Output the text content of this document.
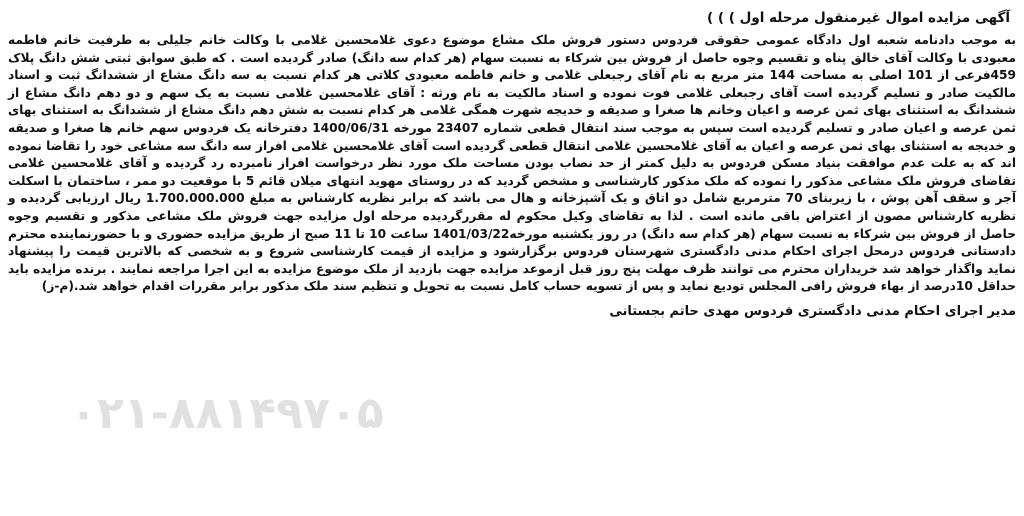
آگهی مزایده اموال غیرمنقول مرحله اول ) ) )

به موجب دادنامه شعبه اول دادگاه عمومی حقوقی فردوس دستور فروش ملک مشاع موضوع دعوی غلامحسین غلامی با وکالت خانم جلیلی به طرفیت خانم فاطمه معبودی با وکالت آقای خالق پناه و تقسیم وجوه حاصل از فروش بین شرکاء به نسبت سهام (هر کدام سه دانگ) صادر گردیده است . که طبق سوابق ثبتی شش دانگ پلاک 459فرعی از 101 اصلی به مساحت 144 متر مربع به نام آقای رجبعلی غلامی و خانم فاطمه معبودی کلاتی هر کدام نسبت به سه دانگ مشاع از ششدانگ ثبت و اسناد مالکیت صادر و تسلیم گردیده است آقای رجبعلی غلامی فوت نموده و اسناد مالکیت به نام ورثه : آقای غلامحسین غلامی نسبت به یک سهم و دو دهم دانگ مشاع از ششدانگ به استثنای بهای ثمن عرصه و اعیان وخانم ها صغرا و صدیقه و خدیجه شهرت همگی غلامی هر کدام نسبت به شش دهم دانگ مشاع از ششدانگ به استثنای بهای ثمن عرصه و اعیان صادر و تسلیم گردیده است سپس به موجب سند انتقال قطعی شماره 23407 مورخه 1400/06/31 دفترخانه یک فردوس سهم خانم ها صغرا و صدیقه و خدیجه به استثنای بهای ثمن عرصه و اعیان به آقای غلامحسین غلامی انتقال قطعی گردیده است آقای غلامحسین غلامی افراز سه دانگ سه مشاعی خود را تقاضا نموده اند که به علت عدم موافقت بنیاد مسکن فردوس به دلیل کمتر از حد نصاب بودن مساحت ملک مورد نظر درخواست افراز نامبرده رد گردیده و آقای غلامحسین غلامی تقاضای فروش ملک مشاعی مذکور را نموده که ملک مذکور کارشناسی و مشخص گردید که در روستای مهوید انتهای میلان قائم 5 با موقعیت دو ممر ، ساختمان با اسکلت آجر و سقف آهن پوش ، با زیربنای 70 مترمربع شامل دو اتاق و یک آشپزخانه و هال می باشد که برابر نظریه کارشناس به مبلغ 1.700.000.000 ریال ارزیابی گردیده و نظریه کارشناس مصون از اعتراض باقی مانده است . لذا به تقاضای وکیل محکوم له مقررگردیده مرحله اول مزایده جهت فروش ملک مشاعی مذکور و تقسیم وجوه حاصل از فروش بین شرکاء به نسبت سهام (هر کدام سه دانگ) در روز یکشنبه مورخه1401/03/22 ساعت 10 تا 11 صبح از طریق مزایده حضوری و با حضورنماینده محترم دادستانی فردوس درمحل اجرای احکام مدنی دادگستری شهرستان فردوس برگزارشود و مزایده از قیمت کارشناسی شروع و به شخصی که بالاترین قیمت را پیشنهاد نماید واگذار خواهد شد خریداران محترم می توانند ظرف مهلت پنج روز قبل ازموعد مزایده جهت بازدید از ملک موضوع مزایده به این اجرا مراجعه نمایند . برنده مزایده باید حداقل 10درصد از بهاء فروش رافی المجلس تودیع نماید و پس از تسویه حساب کامل نسبت به تحویل و تنظیم سند ملک مذکور برابر مقررات اقدام خواهد شد.(م-ز)

مدیر اجرای احکام مدنی دادگستری فردوس مهدی حاتم بجستانی
۰۲۱-۸۸۱۴۹۷۰۵
